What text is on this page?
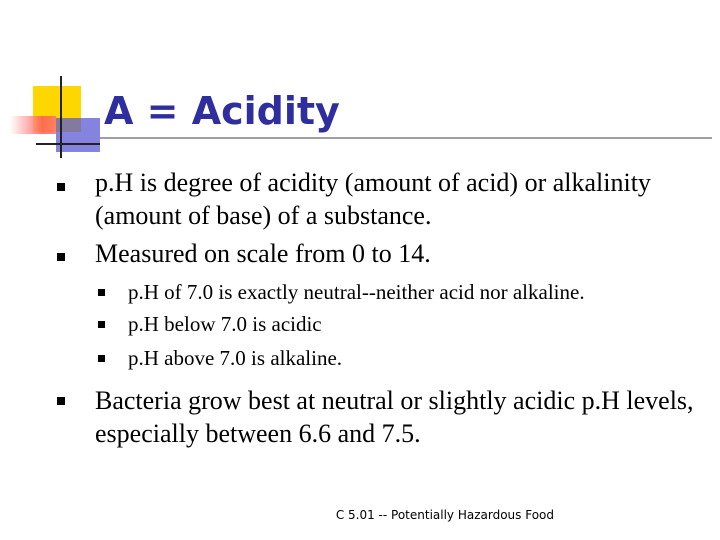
A = Acidity
p.H is degree of acidity (amount of acid) or alkalinity (amount of base) of a substance.
Measured on scale from 0 to 14.
p.H of 7.0 is exactly neutral--neither acid nor alkaline.
p.H below 7.0 is acidic
p.H above 7.0 is alkaline.
Bacteria grow best at neutral or slightly acidic p.H levels, especially between 6.6 and 7.5.
C 5.01 -- Potentially Hazardous Food
